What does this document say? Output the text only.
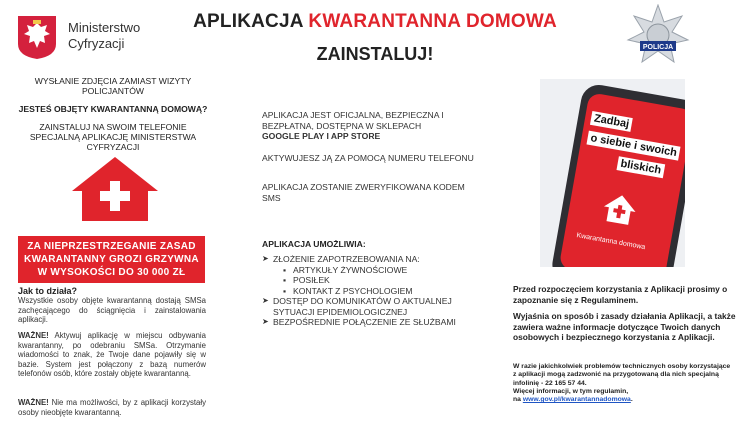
Ministerstwo
Cyfryzacji
APLIKACJA KWARANTANNA DOMOWA
ZAINSTALUJ!	POLICJA
WYSŁANIE ZDJĘCIA ZAMIAST WIZYTY POLICJANTÓW
JESTEŚ OBJĘTY KWARANTANNĄ DOMOWĄ?
ZAINSTALUJ NA SWOIM TELEFONIE SPECJALNĄ APLIKACJĘ MINISTERSTWA CYFRYZACJI
ZA NIEPRZESTRZEGANIE ZASAD KWARANTANNY GROZI GRZYWNA W WYSOKOŚCI DO 30 000 ZŁ
Jak to działa?
Wszystkie osoby objęte kwarantanną dostają SMSa zachęcającego do ściągnięcia i zainstalowania aplikacji.
WAŻNE! Aktywuj aplikację w miejscu odbywania kwarantanny, po odebraniu SMSa. Otrzymanie wiadomości to znak, że Twoje dane pojawiły się w bazie. System jest połączony z bazą numerów telefonów osób, które zostały objęte kwarantanną.
WAŻNE! Nie ma możliwości, by z aplikacji korzystały osoby nieobjęte kwarantanną.
APLIKACJA JEST OFICJALNA, BEZPIECZNA I BEZPŁATNA, DOSTĘPNA W SKLEPACH
GOOGLE PLAY I APP STORE
AKTYWUJESZ JĄ ZA POMOCĄ NUMERU TELEFONU
APLIKACJA ZOSTANIE ZWERYFIKOWANA KODEM SMS
APLIKACJA UMOŻLIWIA:
➤ ZŁOŻENIE ZAPOTRZEBOWANIA NA:
▪ ARTYKUŁY ŻYWNOŚCIOWE
▪ POSIŁEK
▪ KONTAKT Z PSYCHOLOGIEM
➤ DOSTĘP DO KOMUNIKATÓW O AKTUALNEJ SYTUACJI EPIDEMIOLOGICZNEJ
➤ BEZPOŚREDNIE POŁĄCZENIE ZE SŁUŻBAMI
Zadbaj
o siebie i swoich
bliskich
Kwarantanna domowa
Przed rozpoczęciem korzystania z Aplikacji prosimy o zapoznanie się z Regulaminem.
Wyjaśnia on sposób i zasady działania Aplikacji, a także zawiera ważne informacje dotyczące Twoich danych osobowych i bezpiecznego korzystania z Aplikacji.
W razie jakichkolwiek problemów technicznych osoby korzystające z aplikacji mogą zadzwonić na przygotowaną dla nich specjalną infolinię - 22 165 57 44.
Więcej informacji, w tym regulamin,
na www.gov.pl/kwarantannadomowa.
